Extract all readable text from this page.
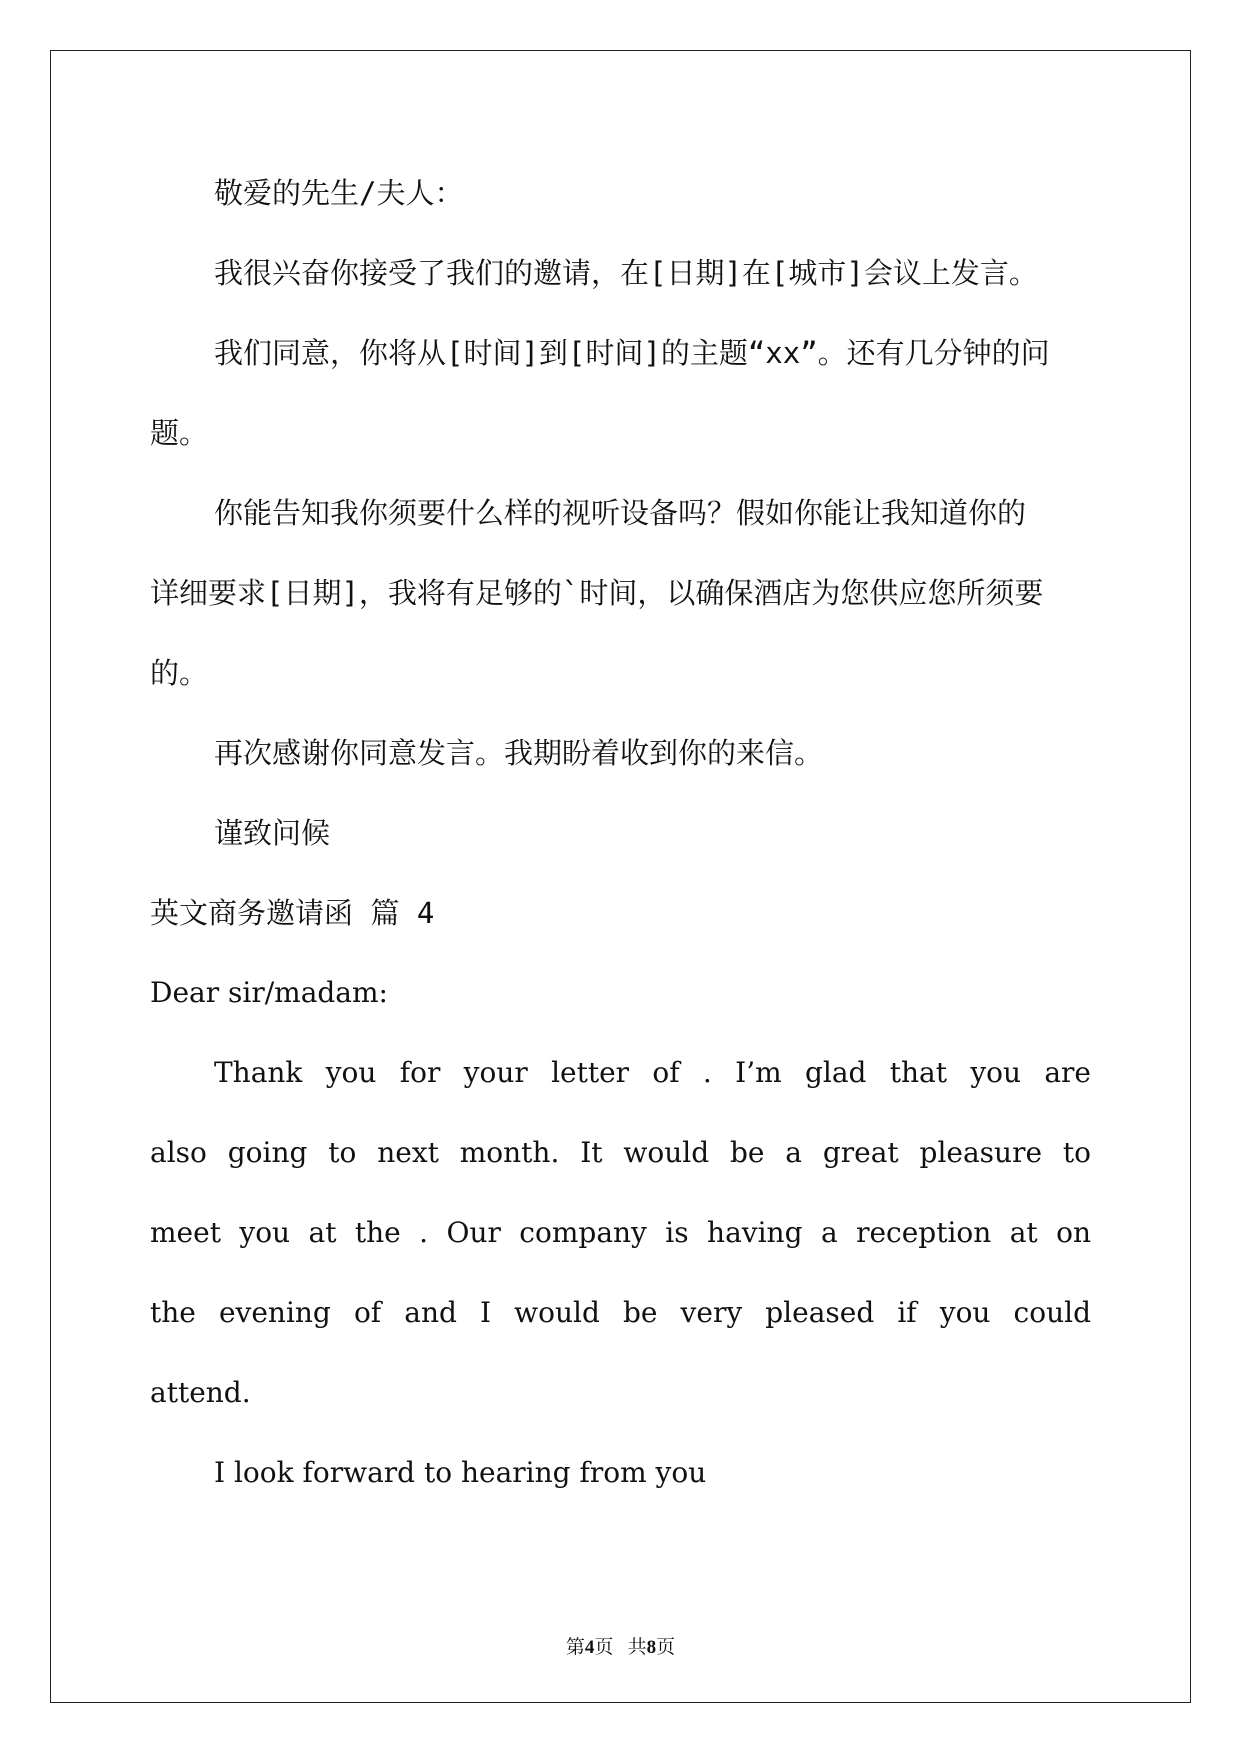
敬爱的先生/夫人：
我很兴奋你接受了我们的邀请，在[日期]在[城市]会议上发言。
我们同意，你将从[时间]到[时间]的主题“xx”。还有几分钟的问
题。
你能告知我你须要什么样的视听设备吗？假如你能让我知道你的
详细要求[日期]，我将有足够的`时间，以确保酒店为您供应您所须要
的。
再次感谢你同意发言。我期盼着收到你的来信。
谨致问候
英文商务邀请函 篇 4
Dear sir/madam:
Thank you for your letter of . I’m glad that you are
also going to next month. It would be a great pleasure to
meet you at the . Our company is having a reception at on
the evening of and I would be very pleased if you could
attend.
I look forward to hearing from you
第4页   共8页
